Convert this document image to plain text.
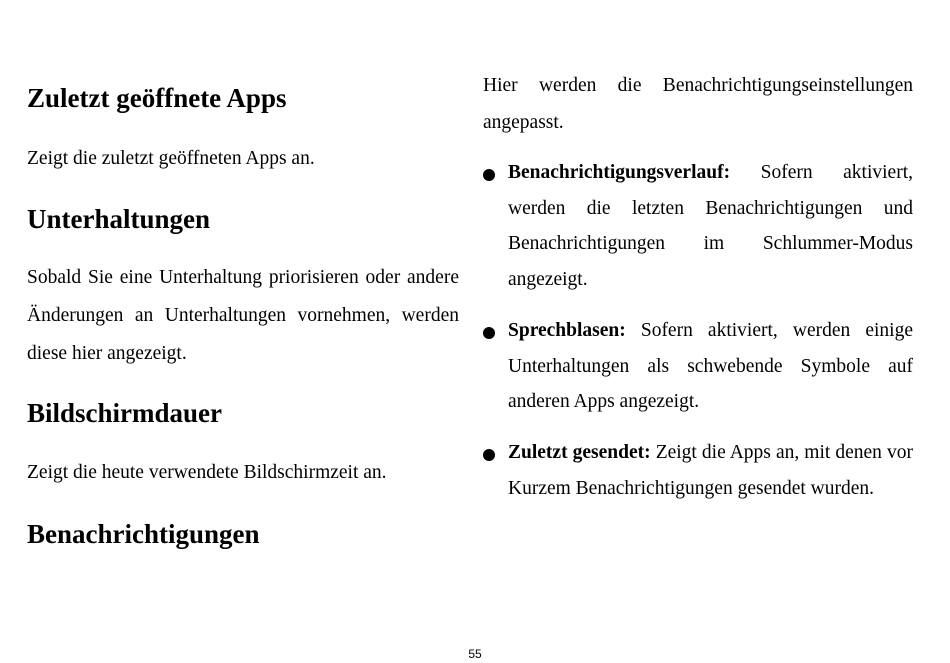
Zuletzt geöffnete Apps

Zeigt die zuletzt geöffneten Apps an.

Unterhaltungen

Sobald Sie eine Unterhaltung priorisieren oder andere Änderungen an Unterhaltungen vornehmen, werden diese hier angezeigt.

Bildschirmdauer

Zeigt die heute verwendete Bildschirmzeit an.

Benachrichtigungen

Hier werden die Benachrichtigungseinstellungen angepasst.

Benachrichtigungsverlauf: Sofern aktiviert, werden die letzten Benachrichtigungen und Benachrichtigungen im Schlummer-Modus angezeigt.

Sprechblasen: Sofern aktiviert, werden einige Unterhaltungen als schwebende Symbole auf anderen Apps angezeigt.

Zuletzt gesendet: Zeigt die Apps an, mit denen vor Kurzem Benachrichtigungen gesendet wurden.

55
